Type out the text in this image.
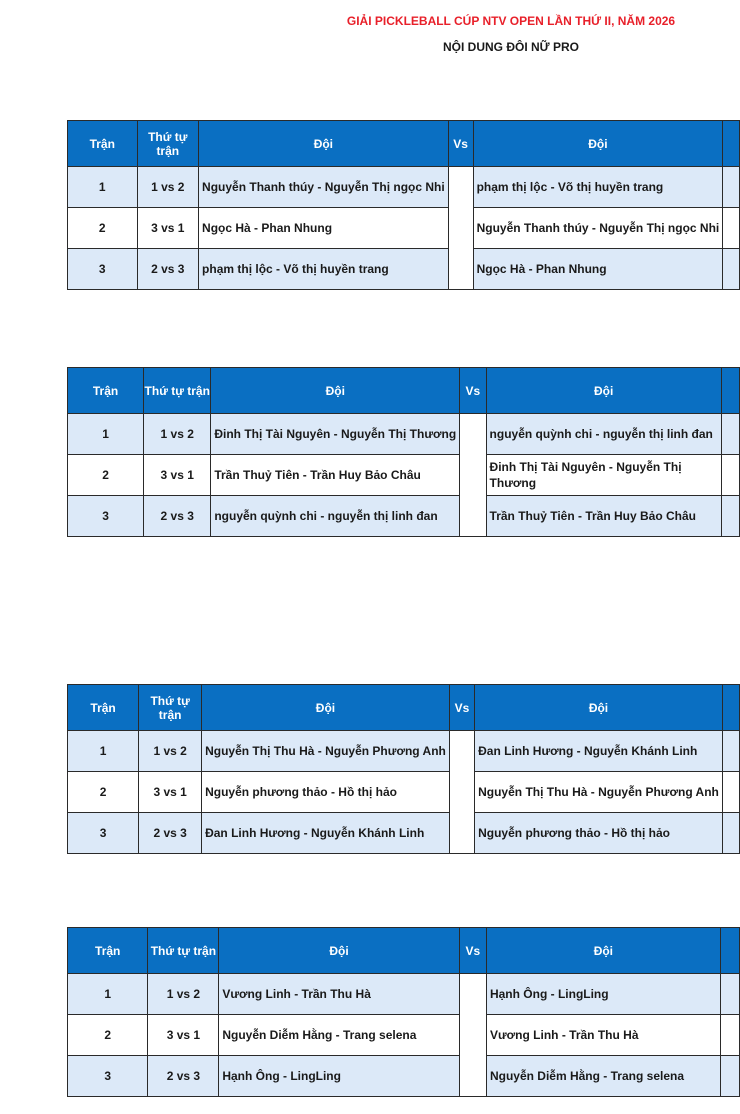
GIẢI PICKLEBALL CÚP NTV OPEN LẦN THỨ II, NĂM 2026
NỘI DUNG ĐÔI NỮ PRO
Trận	Thứ tự trận	Đội	Vs	Đội	
1	1 vs 2	Nguyễn Thanh thúy - Nguyễn Thị ngọc Nhi		phạm thị lộc - Võ thị huyền trang	
2	3 vs 1	Ngọc Hà - Phan Nhung		Nguyễn Thanh thúy - Nguyễn Thị ngọc Nhi	
3	2 vs 3	phạm thị lộc - Võ thị huyền trang		Ngọc Hà - Phan Nhung	
Trận	Thứ tự trận	Đội	Vs	Đội	
1	1 vs 2	Đinh Thị Tài Nguyên - Nguyễn Thị Thương		nguyễn quỳnh chi - nguyễn thị linh đan	
2	3 vs 1	Trần Thuỷ Tiên - Trần Huy Bảo Châu		Đinh Thị Tài Nguyên - Nguyễn Thị Thương	
3	2 vs 3	nguyễn quỳnh chi - nguyễn thị linh đan		Trần Thuỷ Tiên - Trần Huy Bảo Châu	
Trận	Thứ tự trận	Đội	Vs	Đội	
1	1 vs 2	Nguyễn Thị Thu Hà - Nguyễn Phương Anh		Đan Linh Hương - Nguyễn Khánh Linh	
2	3 vs 1	Nguyễn phương thảo - Hồ thị hảo		Nguyễn Thị Thu Hà - Nguyễn Phương Anh	
3	2 vs 3	Đan Linh Hương - Nguyễn Khánh Linh		Nguyễn phương thảo - Hồ thị hảo	
Trận	Thứ tự trận	Đội	Vs	Đội	
1	1 vs 2	Vương Linh - Trần Thu Hà		Hạnh Ông - LingLing	
2	3 vs 1	Nguyễn Diễm Hằng - Trang selena		Vương Linh - Trần Thu Hà	
3	2 vs 3	Hạnh Ông - LingLing		Nguyễn Diễm Hằng - Trang selena	
